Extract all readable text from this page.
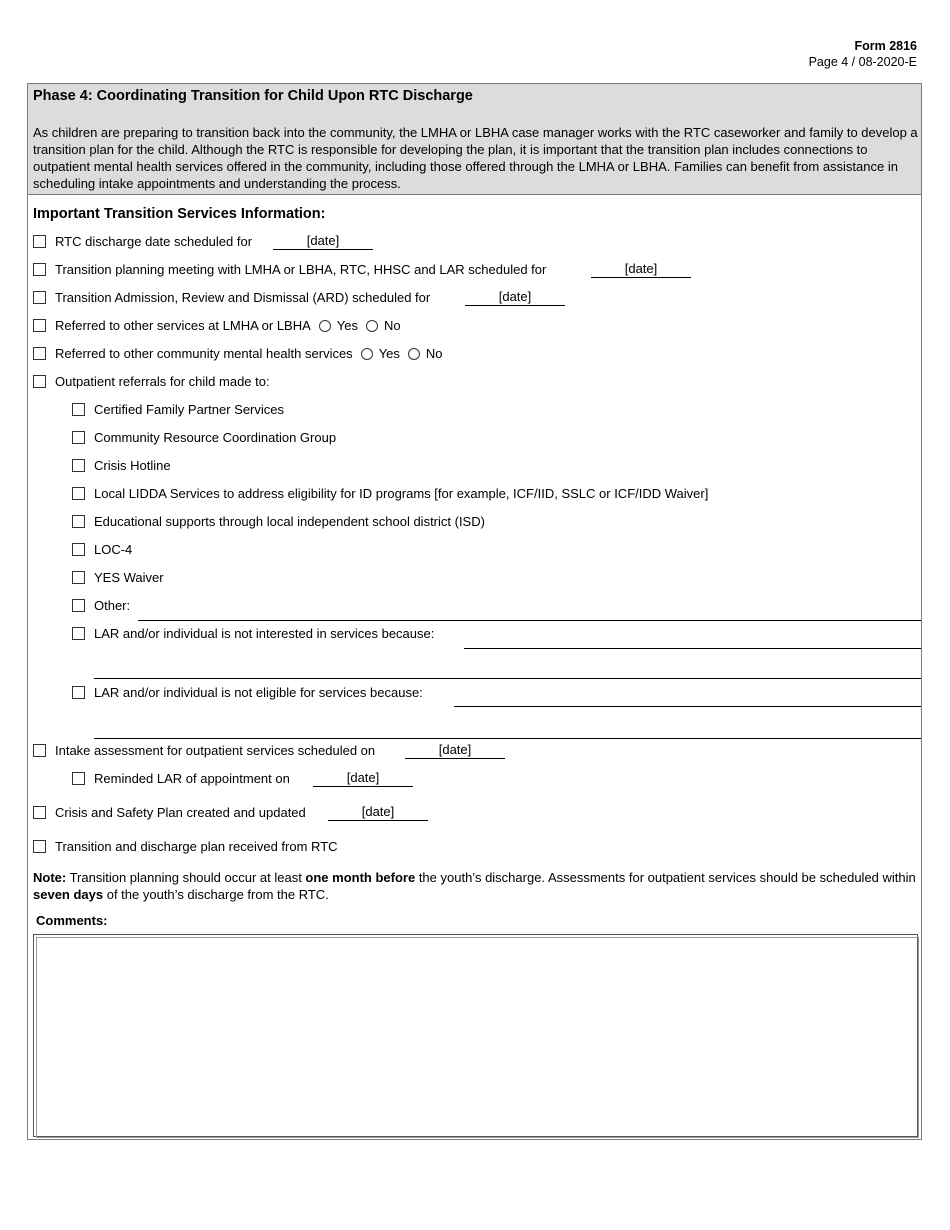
Form 2816
Page 4 / 08-2020-E
Phase 4: Coordinating Transition for Child Upon RTC Discharge
As children are preparing to transition back into the community, the LMHA or LBHA case manager works with the RTC caseworker and family to develop a transition plan for the child. Although the RTC is responsible for developing the plan, it is important that the transition plan includes connections to outpatient mental health services offered in the community, including those offered through the LMHA or LBHA. Families can benefit from assistance in scheduling intake appointments and understanding the process.
Important Transition Services Information:
RTC discharge date scheduled for	[date]
Transition planning meeting with LMHA or LBHA, RTC, HHSC and LAR scheduled for	[date]
Transition Admission, Review and Dismissal (ARD) scheduled for	[date]
Referred to other services at LMHA or LBHA Yes No
Referred to other community mental health services Yes No
Outpatient referrals for child made to:
Certified Family Partner Services
Community Resource Coordination Group
Crisis Hotline
Local LIDDA Services to address eligibility for ID programs [for example, ICF/IID, SSLC or ICF/IDD Waiver]
Educational supports through local independent school district (ISD)
LOC-4
YES Waiver
Other:
LAR and/or individual is not interested in services because:
LAR and/or individual is not eligible for services because:
Intake assessment for outpatient services scheduled on	[date]
Reminded LAR of appointment on	[date]
Crisis and Safety Plan created and updated	[date]
Transition and discharge plan received from RTC
Note: Transition planning should occur at least one month before the youth’s discharge. Assessments for outpatient services should be scheduled within seven days of the youth’s discharge from the RTC.
Comments:
